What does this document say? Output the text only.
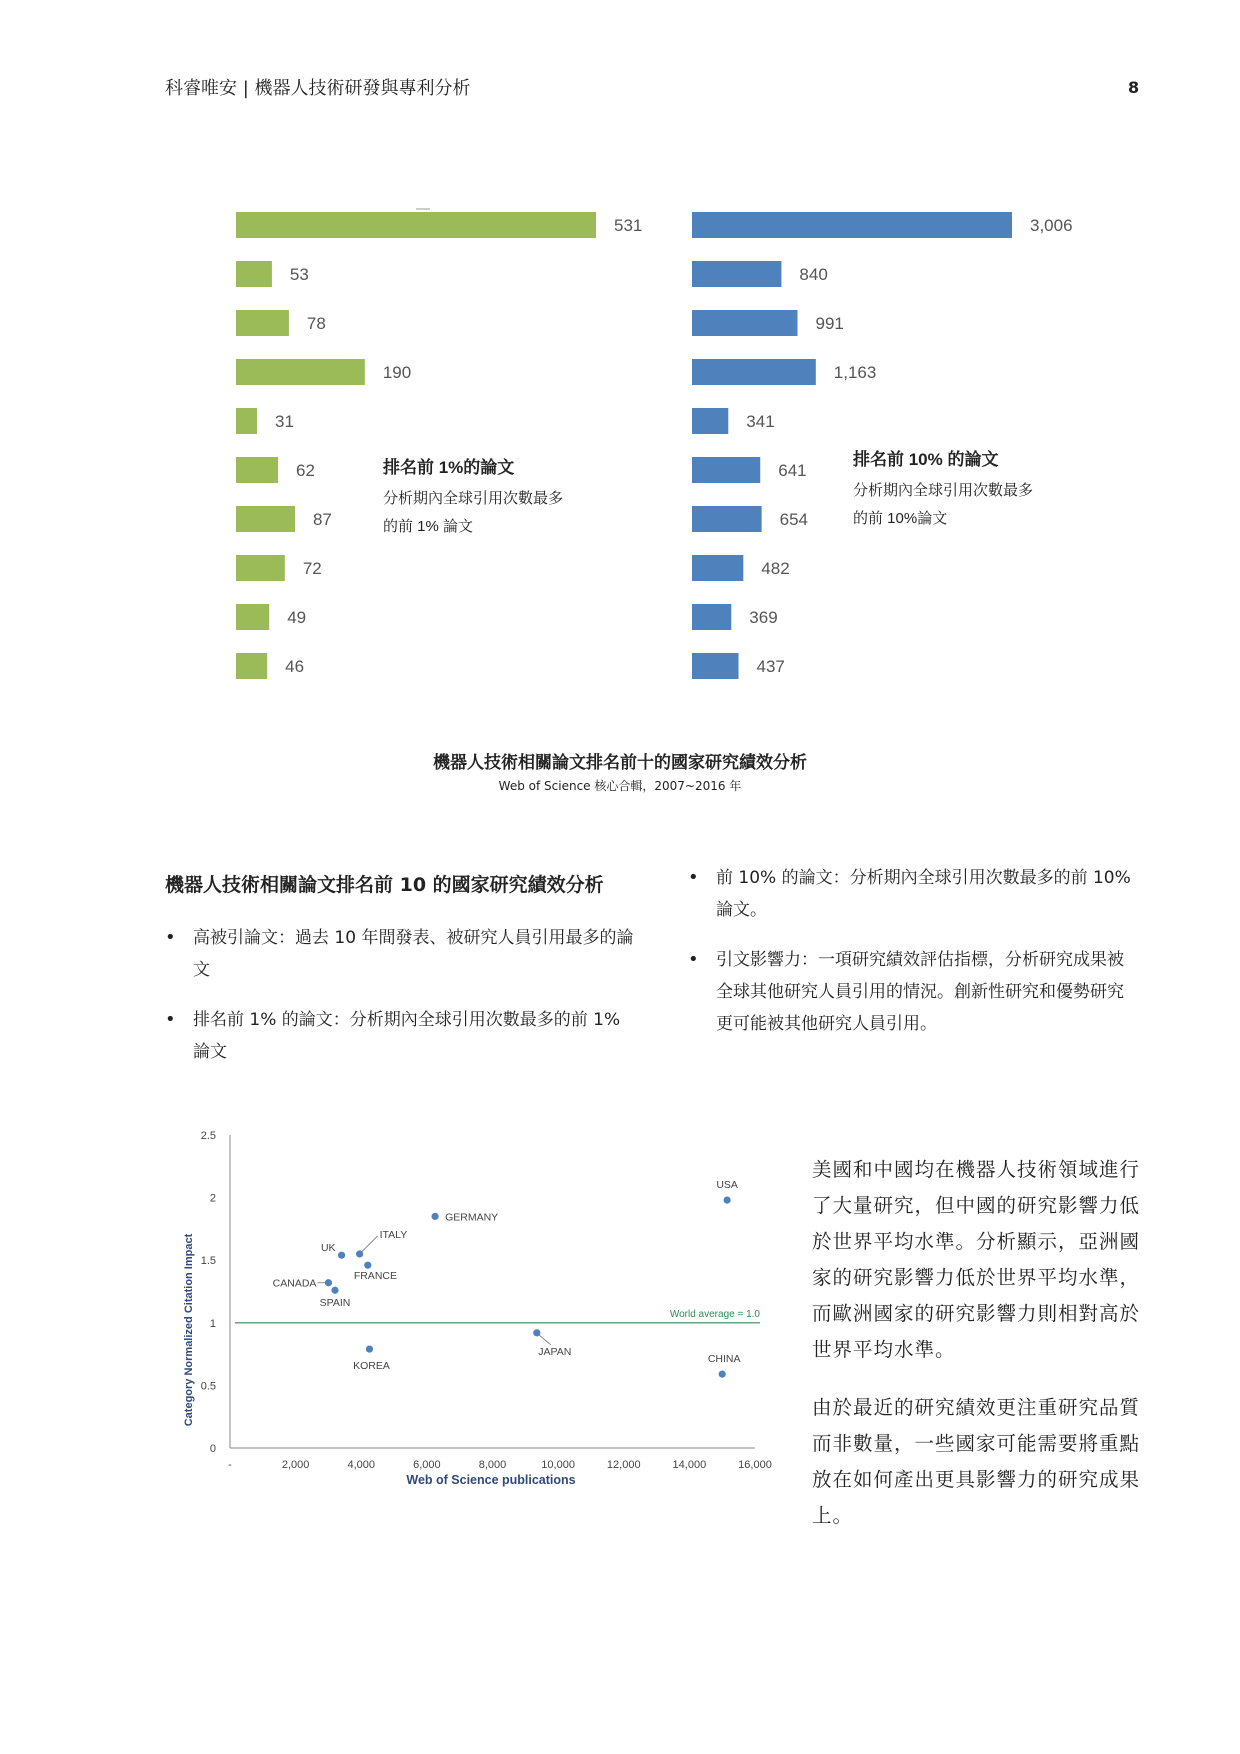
科睿唯安 | 機器人技術研發與專利分析	8
531
53
78
190
31
62
87
72
49
46
3,006
840
991
1,163
341
641
654
482
369
437
排名前 1%的論文
分析期內全球引用次數最多
的前 1% 論文
排名前 10% 的論文
分析期內全球引用次數最多
的前 10%論文
機器人技術相關論文排名前十的國家研究績效分析
Web of Science 核心合輯，2007~2016 年
機器人技術相關論文排名前 10 的國家研究績效分析
• 高被引論文：過去 10 年間發表、被研究人員引用最多的論文
• 排名前 1% 的論文：分析期內全球引用次數最多的前 1% 論文
• 前 10% 的論文：分析期內全球引用次數最多的前 10% 論文。
• 引文影響力：一項研究績效評估指標，分析研究成果被全球其他研究人員引用的情況。創新性研究和優勢研究更可能被其他研究人員引用。
0
0.5
1
1.5
2
2.5
-	2,000	4,000	6,000	8,000	10,000	12,000	14,000	16,000
World average = 1.0
USA
GERMANY
ITALY
UK
FRANCE
CANADA
SPAIN
JAPAN
KOREA
CHINA
Category Normalized Citation Impact
Web of Science publications
美國和中國均在機器人技術領域進行了大量研究，但中國的研究影響力低於世界平均水準。分析顯示，亞洲國家的研究影響力低於世界平均水準，而歐洲國家的研究影響力則相對高於世界平均水準。
由於最近的研究績效更注重研究品質而非數量，一些國家可能需要將重點放在如何產出更具影響力的研究成果上。
